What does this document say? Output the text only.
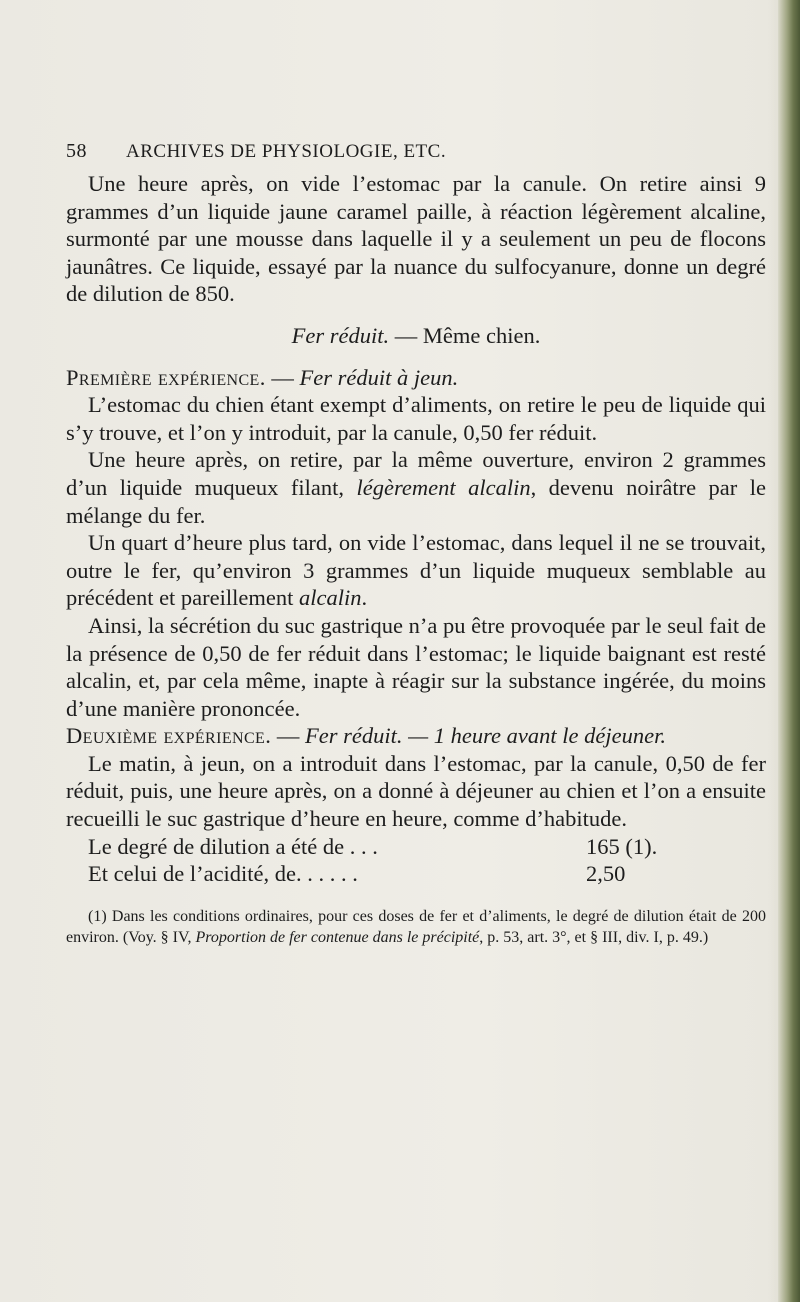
58 ARCHIVES DE PHYSIOLOGIE, ETC.

Une heure après, on vide l’estomac par la canule. On retire ainsi 9 grammes d’un liquide jaune caramel paille, à réaction légèrement alcaline, surmonté par une mousse dans laquelle il y a seulement un peu de flocons jaunâtres. Ce liquide, essayé par la nuance du sulfocyanure, donne un degré de dilution de 850.

Fer réduit. — Même chien.

Première expérience. — Fer réduit à jeun.

L’estomac du chien étant exempt d’aliments, on retire le peu de liquide qui s’y trouve, et l’on y introduit, par la canule, 0,50 fer réduit.

Une heure après, on retire, par la même ouverture, environ 2 grammes d’un liquide muqueux filant, légèrement alcalin, devenu noirâtre par le mélange du fer.

Un quart d’heure plus tard, on vide l’estomac, dans lequel il ne se trouvait, outre le fer, qu’environ 3 grammes d’un liquide muqueux semblable au précédent et pareillement alcalin.

Ainsi, la sécrétion du suc gastrique n’a pu être provoquée par le seul fait de la présence de 0,50 de fer réduit dans l’estomac; le liquide baignant est resté alcalin, et, par cela même, inapte à réagir sur la substance ingérée, du moins d’une manière prononcée.

Deuxième expérience. — Fer réduit. — 1 heure avant le déjeuner.

Le matin, à jeun, on a introduit dans l’estomac, par la canule, 0,50 de fer réduit, puis, une heure après, on a donné à déjeuner au chien et l’on a ensuite recueilli le suc gastrique d’heure en heure, comme d’habitude.

Le degré de dilution a été de . . .	165 (1).
Et celui de l’acidité, de. . . . . .	2,50

(1) Dans les conditions ordinaires, pour ces doses de fer et d’aliments, le degré de dilution était de 200 environ. (Voy. § IV, Proportion de fer contenue dans le précipité, p. 53, art. 3°, et § III, div. I, p. 49.)
